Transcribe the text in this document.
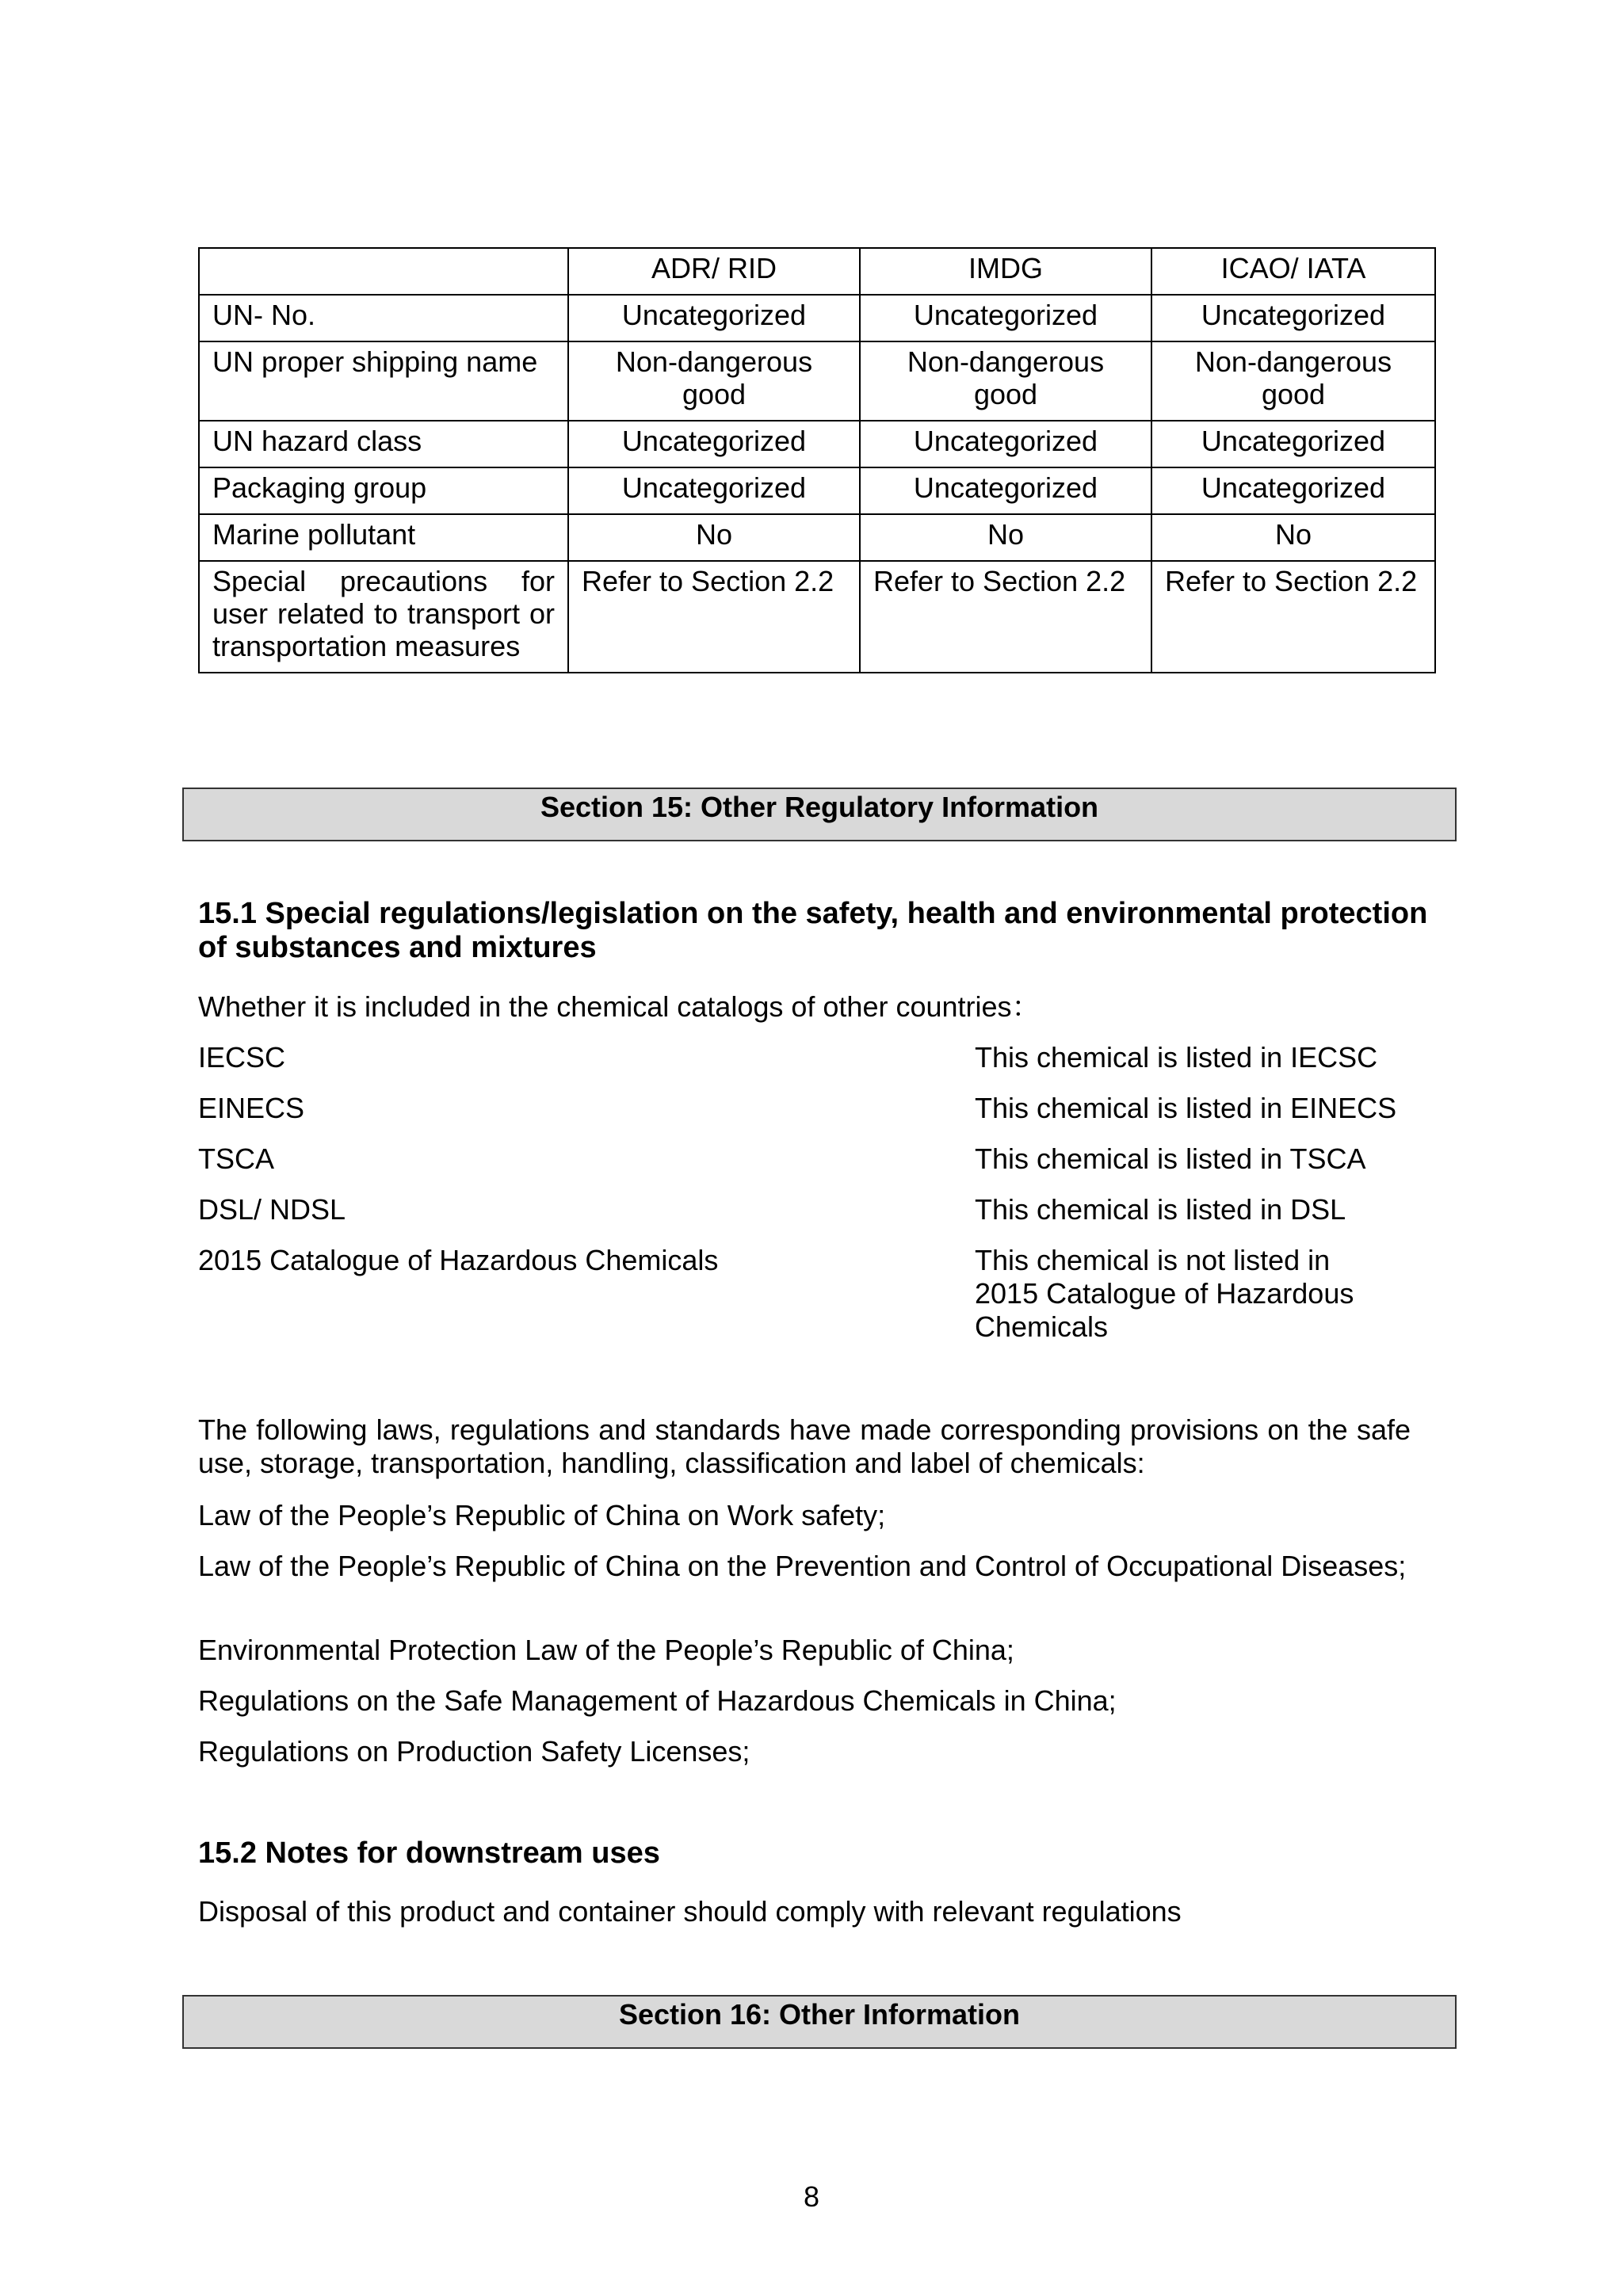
	ADR/ RID	IMDG	ICAO/ IATA
UN- No.	Uncategorized	Uncategorized	Uncategorized
UN proper shipping name	Non-dangerous good	Non-dangerous good	Non-dangerous good
UN hazard class	Uncategorized	Uncategorized	Uncategorized
Packaging group	Uncategorized	Uncategorized	Uncategorized
Marine pollutant	No	No	No
Special precautions for user related to transport or transportation measures	Refer to Section 2.2	Refer to Section 2.2	Refer to Section 2.2
Section 15: Other Regulatory Information
15.1 Special regulations/legislation on the safety, health and environmental protection of substances and mixtures
Whether it is included in the chemical catalogs of other countries：
IECSC	This chemical is listed in IECSC
EINECS	This chemical is listed in EINECS
TSCA	This chemical is listed in TSCA
DSL/ NDSL	This chemical is listed in DSL
2015 Catalogue of Hazardous Chemicals	This chemical is not listed in 2015 Catalogue of Hazardous Chemicals
The following laws, regulations and standards have made corresponding provisions on the safe use, storage, transportation, handling, classification and label of chemicals:
Law of the People’s Republic of China on Work safety;
Law of the People’s Republic of China on the Prevention and Control of Occupational Diseases;
Environmental Protection Law of the People’s Republic of China;
Regulations on the Safe Management of Hazardous Chemicals in China;
Regulations on Production Safety Licenses;
15.2 Notes for downstream uses
Disposal of this product and container should comply with relevant regulations
Section 16: Other Information
8
